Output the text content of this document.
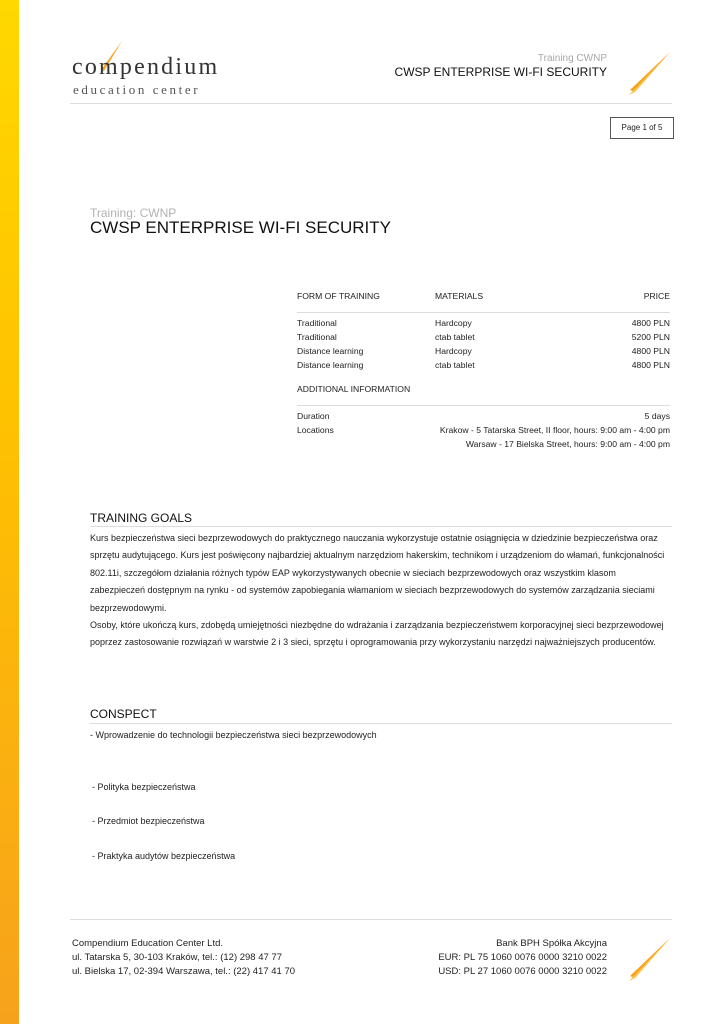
compendium
education center
Training CWNP
CWSP ENTERPRISE WI-FI SECURITY
Page 1 of 5
Training: CWNP
CWSP ENTERPRISE WI-FI SECURITY
FORM OF TRAINING	MATERIALS	PRICE
Traditional	Hardcopy	4800 PLN
Traditional	ctab tablet	5200 PLN
Distance learning	Hardcopy	4800 PLN
Distance learning	ctab tablet	4800 PLN
ADDITIONAL INFORMATION
Duration	5 days
Locations	Krakow - 5 Tatarska Street, II floor, hours: 9:00 am - 4:00 pm
Warsaw - 17 Bielska Street, hours: 9:00 am - 4:00 pm
TRAINING GOALS

Kurs bezpieczeństwa sieci bezprzewodowych do praktycznego nauczania wykorzystuje ostatnie osiągnięcia w dziedzinie bezpieczeństwa oraz sprzętu audytującego. Kurs jest poświęcony najbardziej aktualnym narzędziom hakerskim, technikom i urządzeniom do włamań, funkcjonalności 802.11i, szczegółom działania różnych typów EAP wykorzystywanych obecnie w sieciach bezprzewodowych oraz wszystkim klasom zabezpieczeń dostępnym na rynku - od systemów zapobiegania włamaniom w sieciach bezprzewodowych do systemów zarządzania sieciami bezprzewodowymi.

Osoby, które ukończą kurs, zdobędą umiejętności niezbędne do wdrażania i zarządzania bezpieczeństwem korporacyjnej sieci bezprzewodowej poprzez zastosowanie rozwiązań w warstwie 2 i 3 sieci, sprzętu i oprogramowania przy wykorzystaniu narzędzi najważniejszych producentów.

CONSPECT
- Wprowadzenie do technologii bezpieczeństwa sieci bezprzewodowych
- Polityka bezpieczeństwa
- Przedmiot bezpieczeństwa
- Praktyka audytów bezpieczeństwa
Compendium Education Center Ltd.
ul. Tatarska 5, 30-103 Kraków, tel.: (12) 298 47 77
ul. Bielska 17, 02-394 Warszawa, tel.: (22) 417 41 70
Bank BPH Spółka Akcyjna
EUR: PL 75 1060 0076 0000 3210 0022
USD: PL 27 1060 0076 0000 3210 0022
